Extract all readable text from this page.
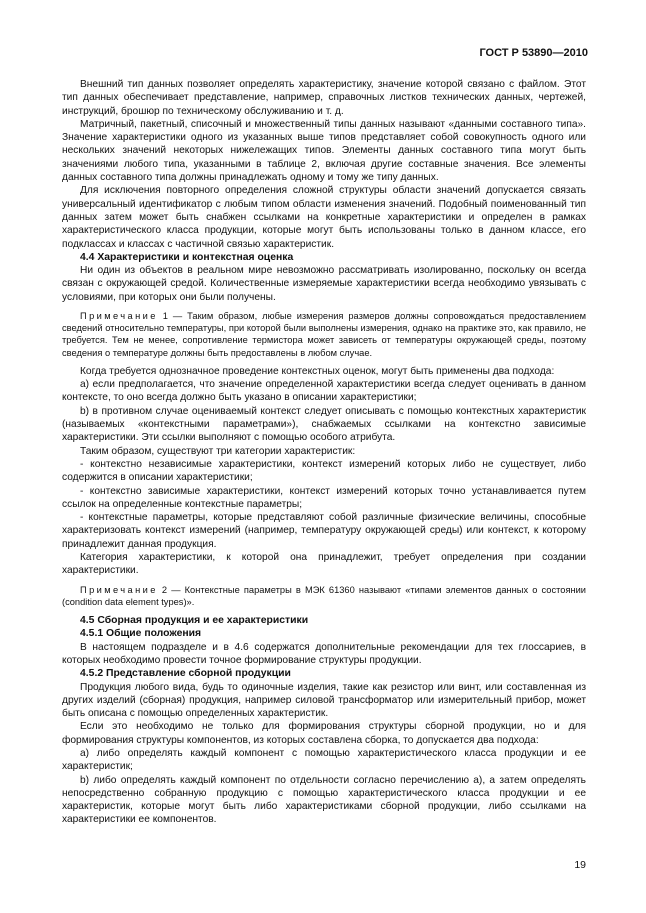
ГОСТ Р 53890—2010

Внешний тип данных позволяет определять характеристику, значение которой связано с файлом. Этот тип данных обеспечивает представление, например, справочных листков технических данных, чертежей, инструкций, брошюр по техническому обслуживанию и т. д.

Матричный, пакетный, списочный и множественный типы данных называют «данными составного типа». Значение характеристики одного из указанных выше типов представляет собой совокупность одного или нескольких значений некоторых нижележащих типов. Элементы данных составного типа могут быть значениями любого типа, указанными в таблице 2, включая другие составные значения. Все элементы данных составного типа должны принадлежать одному и тому же типу данных.

Для исключения повторного определения сложной структуры области значений допускается связать универсальный идентификатор с любым типом области изменения значений. Подобный поименованный тип данных затем может быть снабжен ссылками на конкретные характеристики и определен в рамках характеристического класса продукции, которые могут быть использованы только в данном классе, его подклассах и классах с частичной связью характеристик.

4.4 Характеристики и контекстная оценка

Ни один из объектов в реальном мире невозможно рассматривать изолированно, поскольку он всегда связан с окружающей средой. Количественные измеряемые характеристики всегда необходимо увязывать с условиями, при которых они были получены.

Примечание 1 — Таким образом, любые измерения размеров должны сопровождаться предоставлением сведений относительно температуры, при которой были выполнены измерения, однако на практике это, как правило, не требуется. Тем не менее, сопротивление термистора может зависеть от температуры окружающей среды, поэтому сведения о температуре должны быть предоставлены в любом случае.

Когда требуется однозначное проведение контекстных оценок, могут быть применены два подхода:

а) если предполагается, что значение определенной характеристики всегда следует оценивать в данном контексте, то оно всегда должно быть указано в описании характеристики;

b) в противном случае оцениваемый контекст следует описывать с помощью контекстных характеристик (называемых «контекстными параметрами»), снабжаемых ссылками на контекстно зависимые характеристики. Эти ссылки выполняют с помощью особого атрибута.

Таким образом, существуют три категории характеристик:

- контекстно независимые характеристики, контекст измерений которых либо не существует, либо содержится в описании характеристики;

- контекстно зависимые характеристики, контекст измерений которых точно устанавливается путем ссылок на определенные контекстные параметры;

- контекстные параметры, которые представляют собой различные физические величины, способные характеризовать контекст измерений (например, температуру окружающей среды) или контекст, к которому принадлежит данная продукция.

Категория характеристики, к которой она принадлежит, требует определения при создании характеристики.

Примечание 2 — Контекстные параметры в МЭК 61360 называют «типами элементов данных о состоянии (condition data element types)».

4.5 Сборная продукция и ее характеристики
4.5.1 Общие положения

В настоящем подразделе и в 4.6 содержатся дополнительные рекомендации для тех глоссариев, в которых необходимо провести точное формирование структуры продукции.

4.5.2 Представление сборной продукции

Продукция любого вида, будь то одиночные изделия, такие как резистор или винт, или составленная из других изделий (сборная) продукция, например силовой трансформатор или измерительный прибор, может быть описана с помощью определенных характеристик.

Если это необходимо не только для формирования структуры сборной продукции, но и для формирования структуры компонентов, из которых составлена сборка, то допускается два подхода:

а) либо определять каждый компонент с помощью характеристического класса продукции и ее характеристик;

b) либо определять каждый компонент по отдельности согласно перечислению а), а затем определять непосредственно собранную продукцию с помощью характеристического класса продукции и ее характеристик, которые могут быть либо характеристиками сборной продукции, либо ссылками на характеристики ее компонентов.

19
